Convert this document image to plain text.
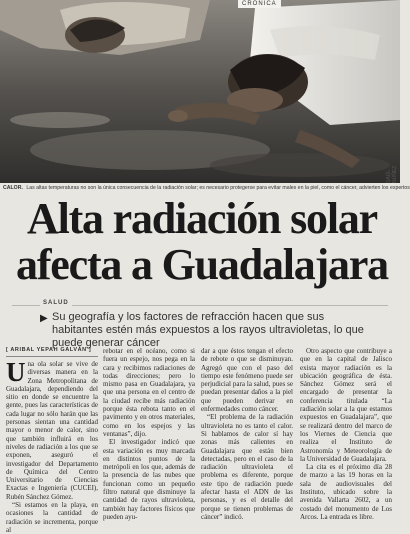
CRÓNICA
SAÚL NÚÑEZ
CALOR. Las altas temperaturas no son la única consecuencia de la radiación solar; es necesario protegerse para evitar males en la piel, como el cáncer, advierten los expertos
Alta radiación solar
afecta a Guadalajara
SALUD
▶ Su geografía y los factores de refracción hacen que sus habitantes estén más expuestos a los rayos ultravioletas, lo que puede generar cáncer
[ ARIBAL YEPAH GALVÁN ]

Una ola solar se vive de diversas manera en la Zona Metropolitana de Guadalajara, dependiendo del sitio en donde se encuentre la gente, pues las características de cada lugar no sólo harán que las personas sientan una cantidad mayor o menor de calor, sino que también influirá en los niveles de radiación a los que se exponen, aseguró el investigador del Departamento de Química del Centro Universitario de Ciencias Exactas e Ingeniería (CUCEI), Rubén Sánchez Gómez.

“Si estamos en la playa, en ocasiones la cantidad de radiación se incrementa, porque al

rebotar en el océano, como si fuera un espejo, nos pega en la cara y recibimos radiaciones de todas direcciones; pero lo mismo pasa en Guadalajara, ya que una persona en el centro de la ciudad recibe más radiación porque ésta rebota tanto en el pavimento y en otros materiales, como en los espejos y las ventanas”, dijo.

El investigador indicó que esta variación es muy marcada en distintos puntos de la metrópoli en los que, además de la presencia de las nubes que funcionan como un pequeño filtro natural que disminuye la cantidad de rayos ultravioleta, también hay factores físicos que pueden ayu-

dar a que éstos tengan el efecto de rebote o que se disminuyan. Agregó que con el paso del tiempo este fenómeno puede ser perjudicial para la salud, pues se puedan presentar daños a la piel que pueden derivar en enfermedades como cáncer.

“El problema de la radiación ultravioleta no es tanto el calor. Si hablamos de calor sí hay zonas más calientes en Guadalajara que están bien detectadas, pero en el caso de la radiación ultravioleta el problema es diferente, porque este tipo de radiación puede afectar hasta el ADN de las personas, y es el detalle del porque se tienen problemas de cáncer” indicó.

Otro aspecto que contribuye a que en la capital de Jalisco exista mayor radiación es la ubicación geográfica de ésta. Sánchez Gómez será el encargado de presentar la conferencia titulada “La radiación solar a la que estamos expuestos en Guadalajara”, que se realizará dentro del marco de los Viernes de Ciencia que realiza el Instituto de Astronomía y Meteorología de la Universidad de Guadalajara.

La cita es el próximo día 28 de marzo a las 19 horas en la sala de audiovisuales del Instituto, ubicado sobre la avenida Vallarta 2602, a un costado del monumento de Los Arcos. La entrada es libre.
